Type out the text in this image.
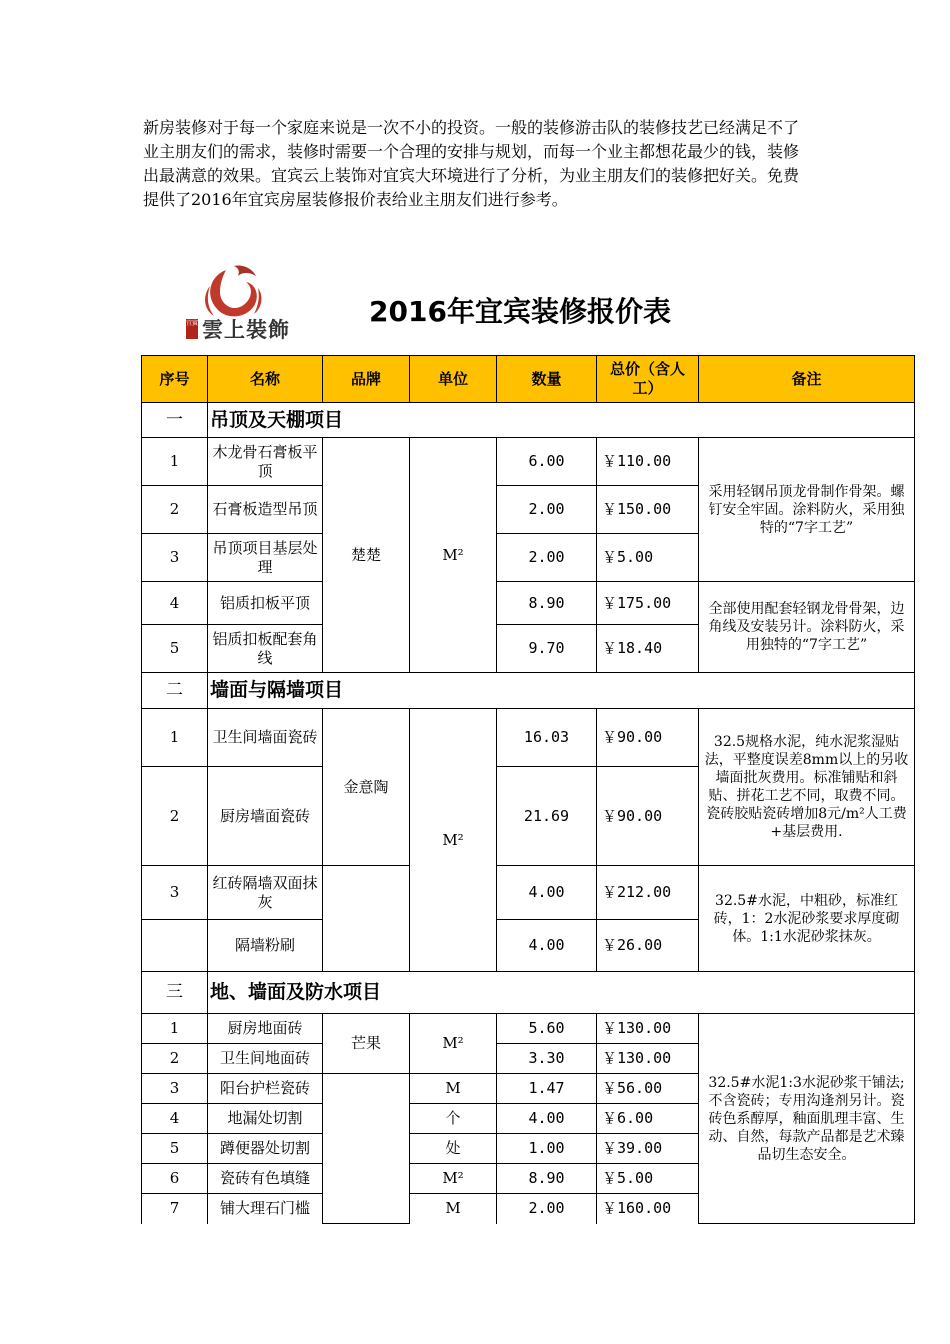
新房装修对于每一个家庭来说是一次不小的投资。一般的装修游击队的装修技艺已经满足不了业主朋友们的需求，装修时需要一个合理的安排与规划，而每一个业主都想花最少的钱，装修出最满意的效果。宜宾云上装饰对宜宾大环境进行了分析，为业主朋友们的装修把好关。免费提供了2016年宜宾房屋装修报价表给业主朋友们进行参考。

宜賓 雲上裝飾
2016年宜宾装修报价表
序号	名称	品牌	单位	数量	总价（含人工）	备注
一	吊顶及天棚项目					
1	木龙骨石膏板平顶	楚楚	M²	6.00	￥110.00	采用轻钢吊顶龙骨制作骨架。螺钉安全牢固。涂料防火，采用独特的“7字工艺”
2	石膏板造型吊顶			2.00	￥150.00	
3	吊顶项目基层处理			2.00	￥5.00	
4	铝质扣板平顶			8.90	￥175.00	全部使用配套轻钢龙骨骨架，边角线及安装另计。涂料防火，采用独特的“7字工艺”
5	铝质扣板配套角线			9.70	￥18.40	
二	墙面与隔墙项目					
1	卫生间墙面瓷砖	金意陶	M²	16.03	￥90.00	32.5规格水泥，纯水泥浆湿贴法，平整度误差8mm以上的另收墙面批灰费用。标准铺贴和斜贴、拼花工艺不同，取费不同。瓷砖胶贴瓷砖增加8元/m²人工费+基层费用.
2	厨房墙面瓷砖			21.69	￥90.00	
3	红砖隔墙双面抹灰			4.00	￥212.00	32.5#水泥，中粗砂，标准红砖，1：2水泥砂浆要求厚度砌体。1:1水泥砂浆抹灰。
	隔墙粉刷			4.00	￥26.00	
三	地、墙面及防水项目					
1	厨房地面砖	芒果	M²	5.60	￥130.00	32.5#水泥1:3水泥砂浆干铺法;不含瓷砖；专用沟逢剂另计。瓷砖色系醇厚，釉面肌理丰富、生动、自然，每款产品都是艺术臻品切生态安全。
2	卫生间地面砖			3.30	￥130.00	
3	阳台护栏瓷砖		M	1.47	￥56.00	
4	地漏处切割		个	4.00	￥6.00	
5	蹲便器处切割		处	1.00	￥39.00	
6	瓷砖有色填缝		M²	8.90	￥5.00	
7	铺大理石门槛		M	2.00	￥160.00	
